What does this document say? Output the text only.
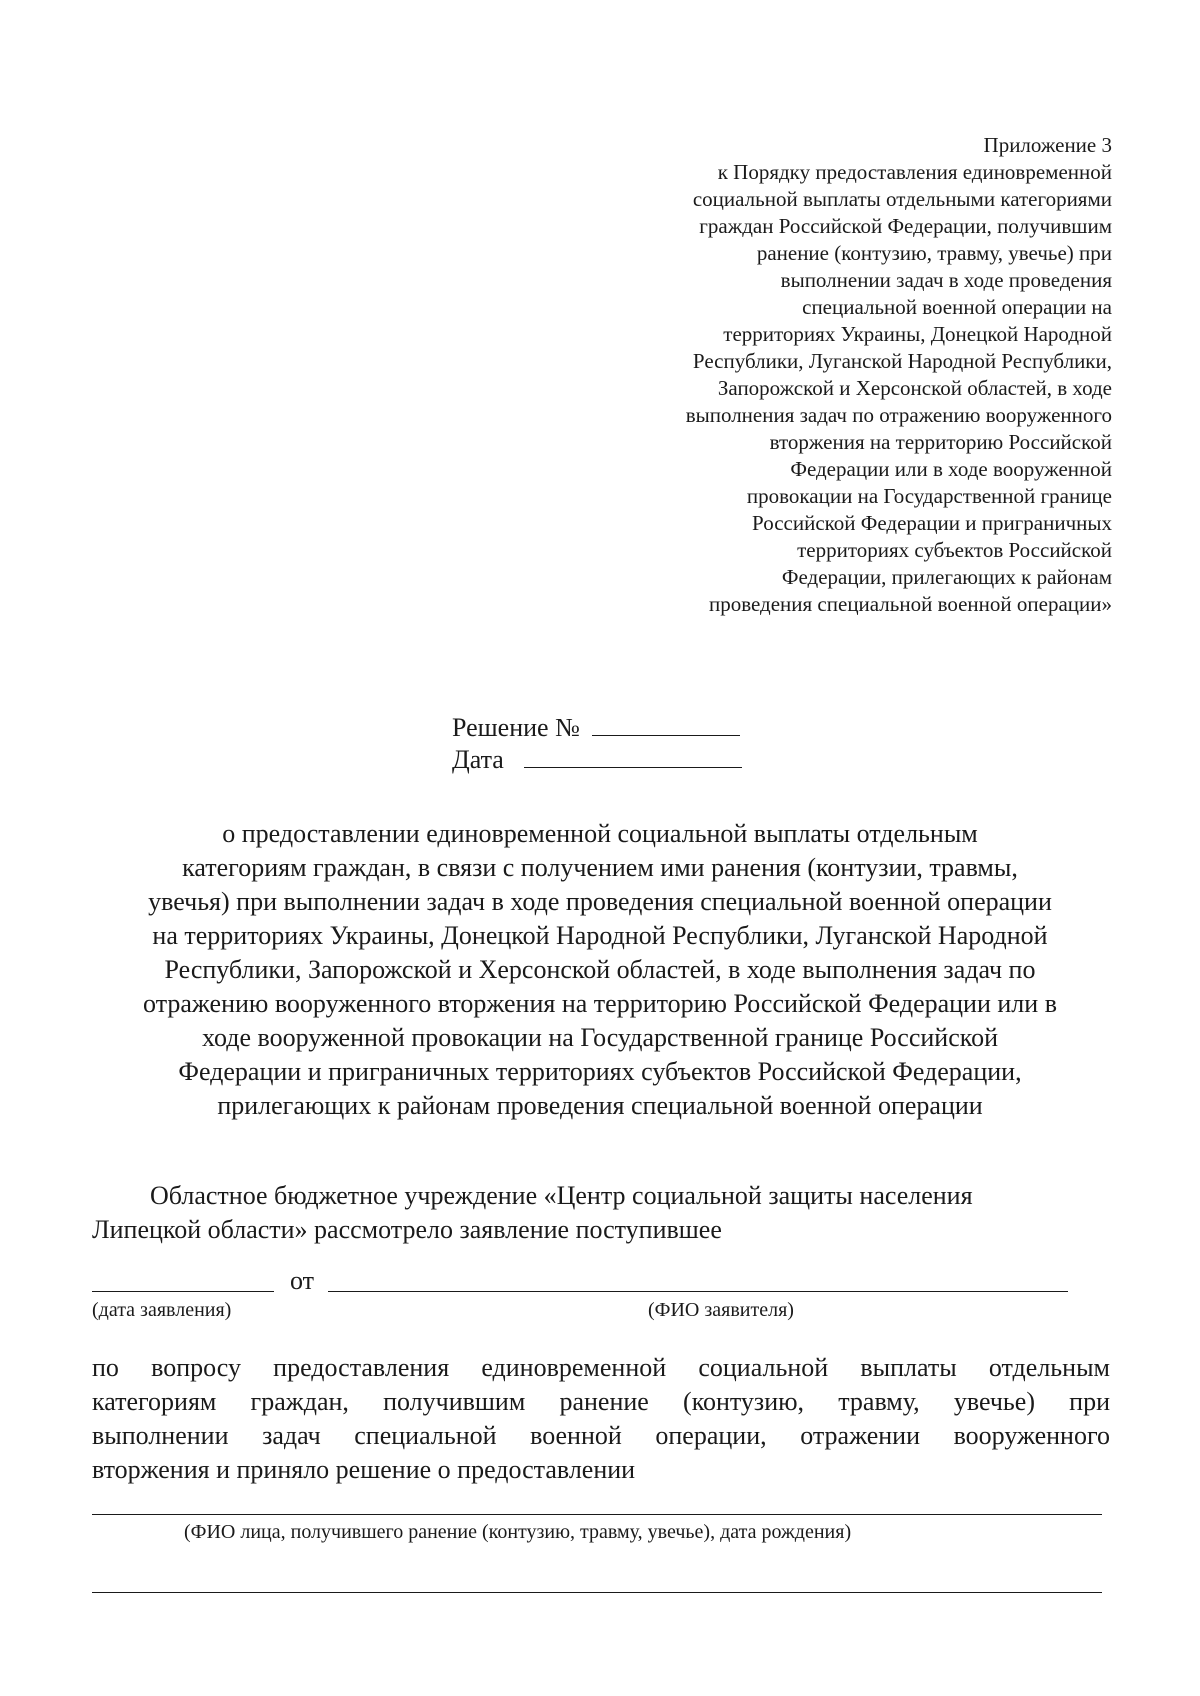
Приложение 3
к Порядку предоставления единовременной
социальной выплаты отдельными категориями
граждан Российской Федерации, получившим
ранение (контузию, травму, увечье) при
выполнении задач в ходе проведения
специальной военной операции на
территориях Украины, Донецкой Народной
Республики, Луганской Народной Республики,
Запорожской и Херсонской областей, в ходе
выполнения задач по отражению вооруженного
вторжения на территорию Российской
Федерации или в ходе вооруженной
провокации на Государственной границе
Российской Федерации и приграничных
территориях субъектов Российской
Федерации, прилегающих к районам
проведения специальной военной операции»
Решение №
Дата
о предоставлении единовременной социальной выплаты отдельным
категориям граждан, в связи с получением ими ранения (контузии, травмы,
увечья) при выполнении задач в ходе проведения специальной военной операции
на территориях Украины, Донецкой Народной Республики, Луганской Народной
Республики, Запорожской и Херсонской областей, в ходе выполнения задач по
отражению вооруженного вторжения на территорию Российской Федерации или в
ходе вооруженной провокации на Государственной границе Российской
Федерации и приграничных территориях субъектов Российской Федерации,
прилегающих к районам проведения специальной военной операции
Областное бюджетное учреждение «Центр социальной защиты населения
Липецкой области» рассмотрело заявление поступившее
от
(дата заявления)	(ФИО заявителя)
по вопросу предоставления единовременной социальной выплаты отдельным
категориям граждан, получившим ранение (контузию, травму, увечье) при
выполнении задач специальной военной операции, отражении вооруженного
вторжения и приняло решение о предоставлении
(ФИО лица, получившего ранение (контузию, травму, увечье), дата рождения)
